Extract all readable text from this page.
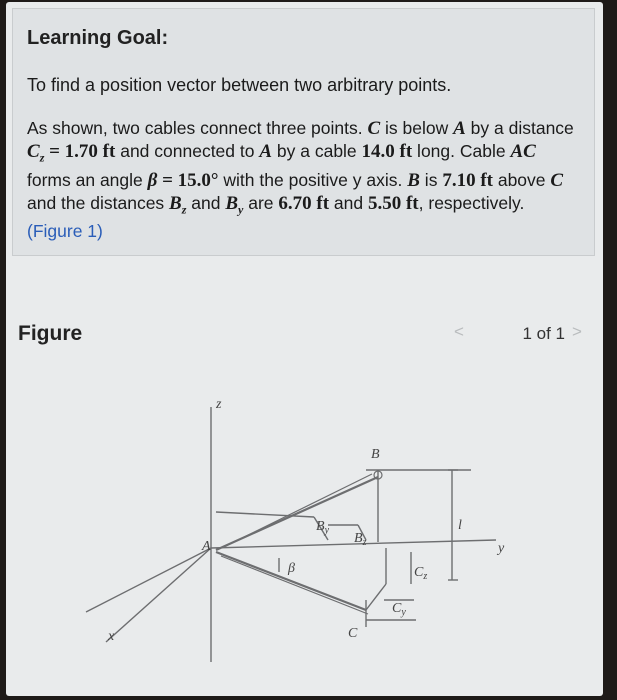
Learning Goal:
To find a position vector between two arbitrary points.
As shown, two cables connect three points. C is below A by a distance $C_z = 1.70$ ft and connected to A by a cable 14.0 ft long. Cable AC forms an angle β = 15.0° with the positive y axis. B is 7.10 ft above C and the distances $B_z$ and $B_y$ are 6.70 ft and 5.50 ft, respectively. (Figure 1)
Figure	<	1 of 1 >
z
y
x
A
B
$B_y$
$B_z$
β	$C_z$
$C_y$
C
l
